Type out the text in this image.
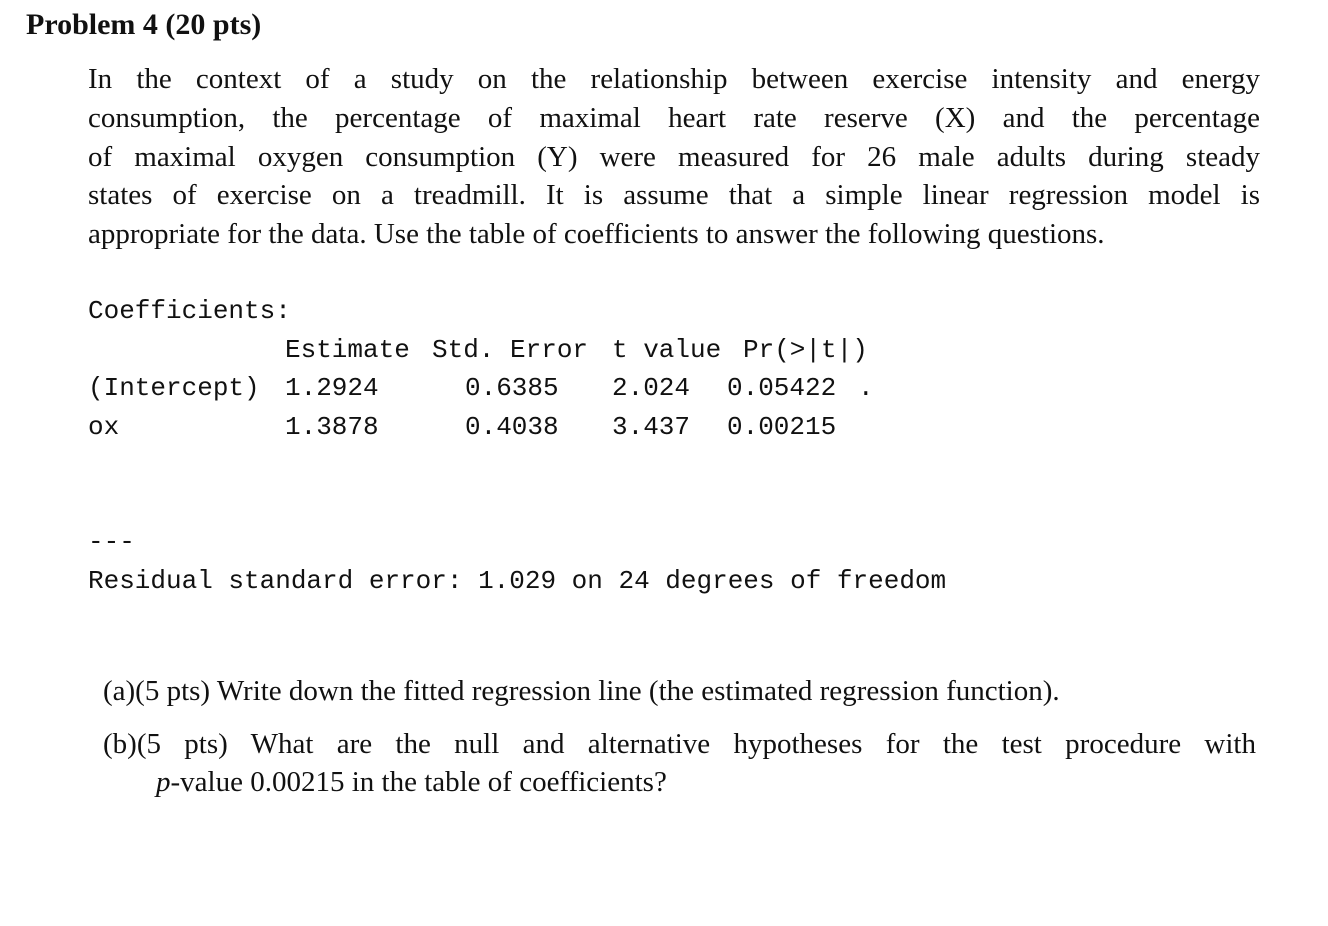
Problem 4 (20 pts)
In the context of a study on the relationship between exercise intensity and energy
consumption, the percentage of maximal heart rate reserve (X) and the percentage
of maximal oxygen consumption (Y) were measured for 26 male adults during steady
states of exercise on a treadmill. It is assume that a simple linear regression model is
appropriate for the data. Use the table of coefficients to answer the following questions.
Coefficients:
Estimate Std. Error t value Pr(>|t|)
(Intercept) 1.2924	0.6385 2.024 0.05422 .
ox	1.3878	0.4038 3.437 0.00215
---
Residual standard error: 1.029 on 24 degrees of freedom
(a)(5 pts) Write down the fitted regression line (the estimated regression function).
(b)(5 pts) What are the null and alternative hypotheses for the test procedure with
p-value 0.00215 in the table of coefficients?
